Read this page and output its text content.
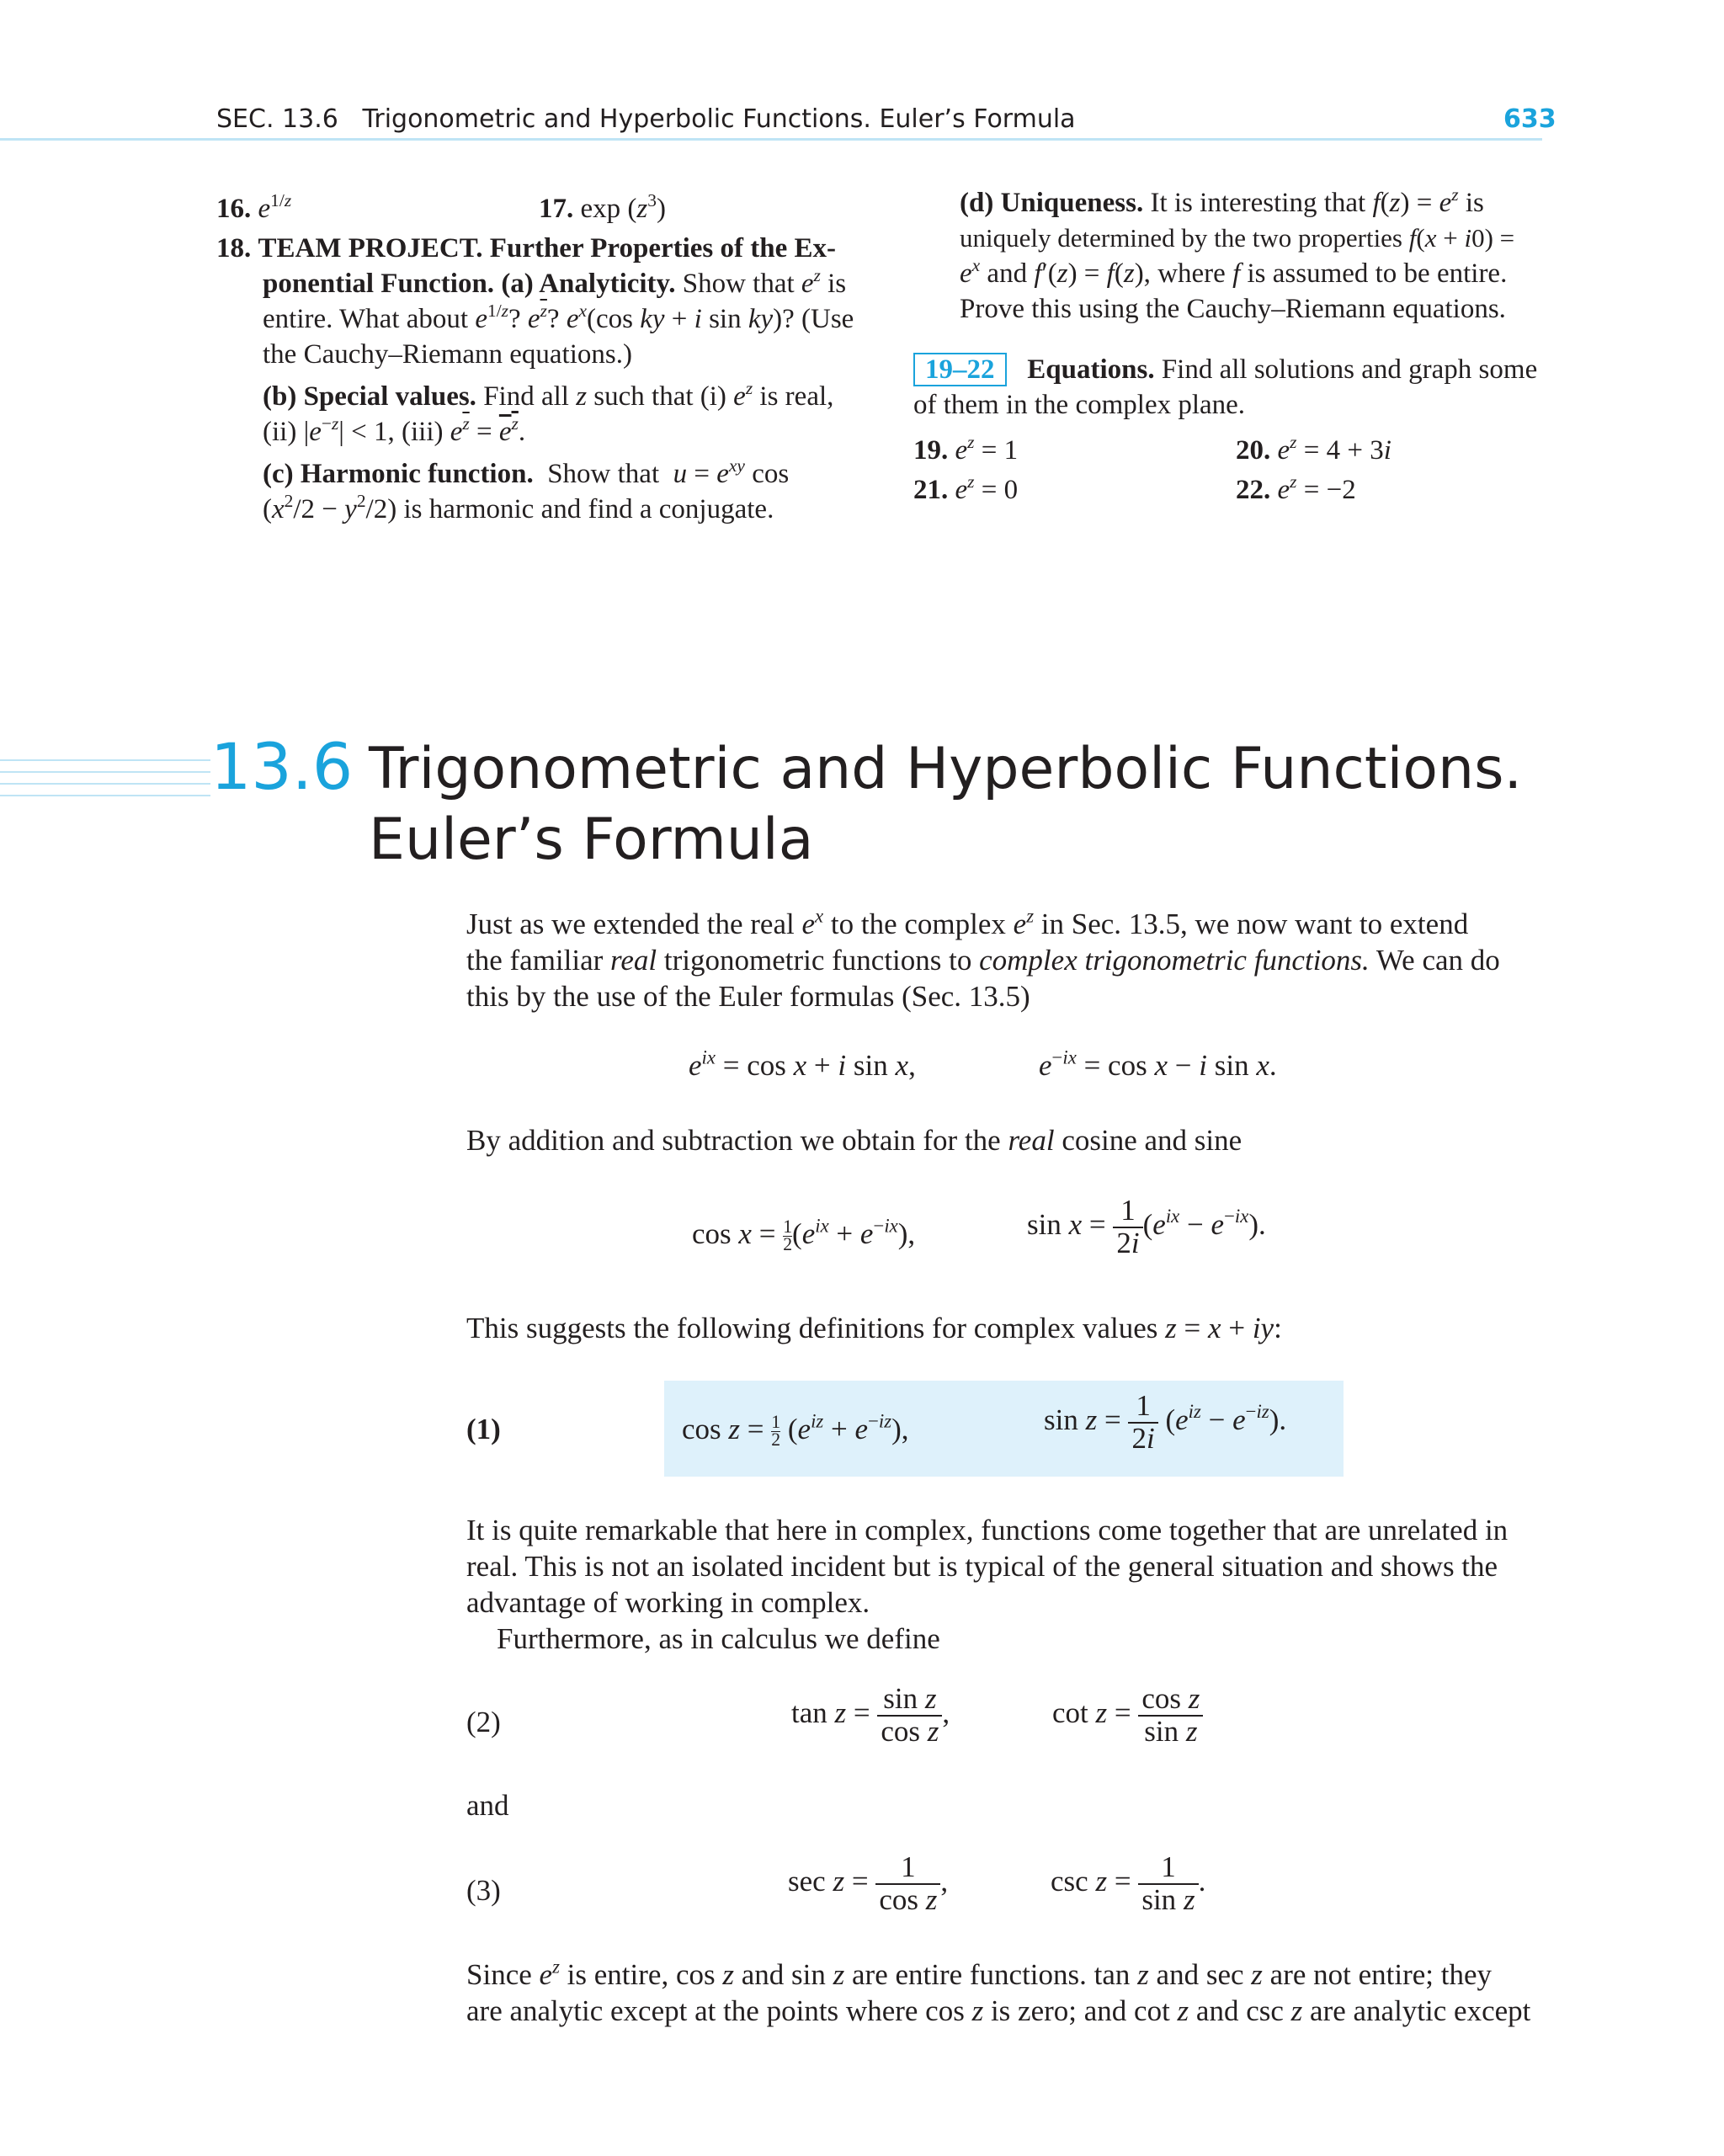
SEC. 13.6 Trigonometric and Hyperbolic Functions. Euler’s Formula	633
16. $e^{1/z}$	17. $\exp (z^3)$
18. TEAM PROJECT. Further Properties of the Ex-
ponential Function. (a) Analyticity. Show that $e^z$ is
entire. What about $e^{1/z}$? $e^{\overline{z}}$? $e^x(\cos$ ky + i sin ky)? (Use
the Cauchy–Riemann equations.)
(b) Special values. Find all z such that (i) $e^z$ is real,
(ii) $|e^{-z}| < 1$, (iii) $e^{\overline{z}} = e^z$.
(c) Harmonic function. Show that $u = e^{xy}$ cos
$(x^2/2 - y^2/2)$ is harmonic and find a conjugate.
(d) Uniqueness. It is interesting that $f(z) = e^z$ is
uniquely determined by the two properties f(x + i0) =
$e^x$ and f′(z) = f(z), where f is assumed to be entire.
Prove this using the Cauchy–Riemann equations.
19–22 Equations. Find all solutions and graph some
of them in the complex plane.
19. $e^z = 1$	20. $e^z = 4 + 3i$
21. $e^z = 0$	22. $e^z = -2$
13.6 Trigonometric and Hyperbolic Functions.
Euler’s Formula
Just as we extended the real $e^x$ to the complex $e^z$ in Sec. 13.5, we now want to extend
the familiar real trigonometric functions to complex trigonometric functions. We can do
this by the use of the Euler formulas (Sec. 13.5)
$e^{ix} = \cos x + i$ sin x,	$e^{-ix} = \cos x - i$ sin x.
By addition and subtraction we obtain for the real cosine and sine
$\cos x = \frac{1}{2} (e^{ix} + e^{-ix})$,	$\sin x = \frac{1}{2i} (e^{ix} - e^{-ix})$.
This suggests the following definitions for complex values z = x + iy:
(1)	$\cos z = \frac{1}{2} (e^{iz} + e^{-iz})$,	$\sin z = \frac{1}{2i} (e^{iz} - e^{-iz})$.
It is quite remarkable that here in complex, functions come together that are unrelated in
real. This is not an isolated incident but is typical of the general situation and shows the
advantage of working in complex.
Furthermore, as in calculus we define
(2)	$\tan z = \frac{\text{sin z}}{\text{cos z}}$ ,	$\cot z = \frac{\text{cos z}}{\text{sin z}}$
and
(3)	$\sec z = \frac{1}{\text{cos z}}$ ,	$\csc z = \frac{1}{\text{sin z}}$ .
Since $e^z$ is entire, cos z and sin z are entire functions. tan z and sec z are not entire; they
are analytic except at the points where cos z is zero; and cot z and csc z are analytic except
